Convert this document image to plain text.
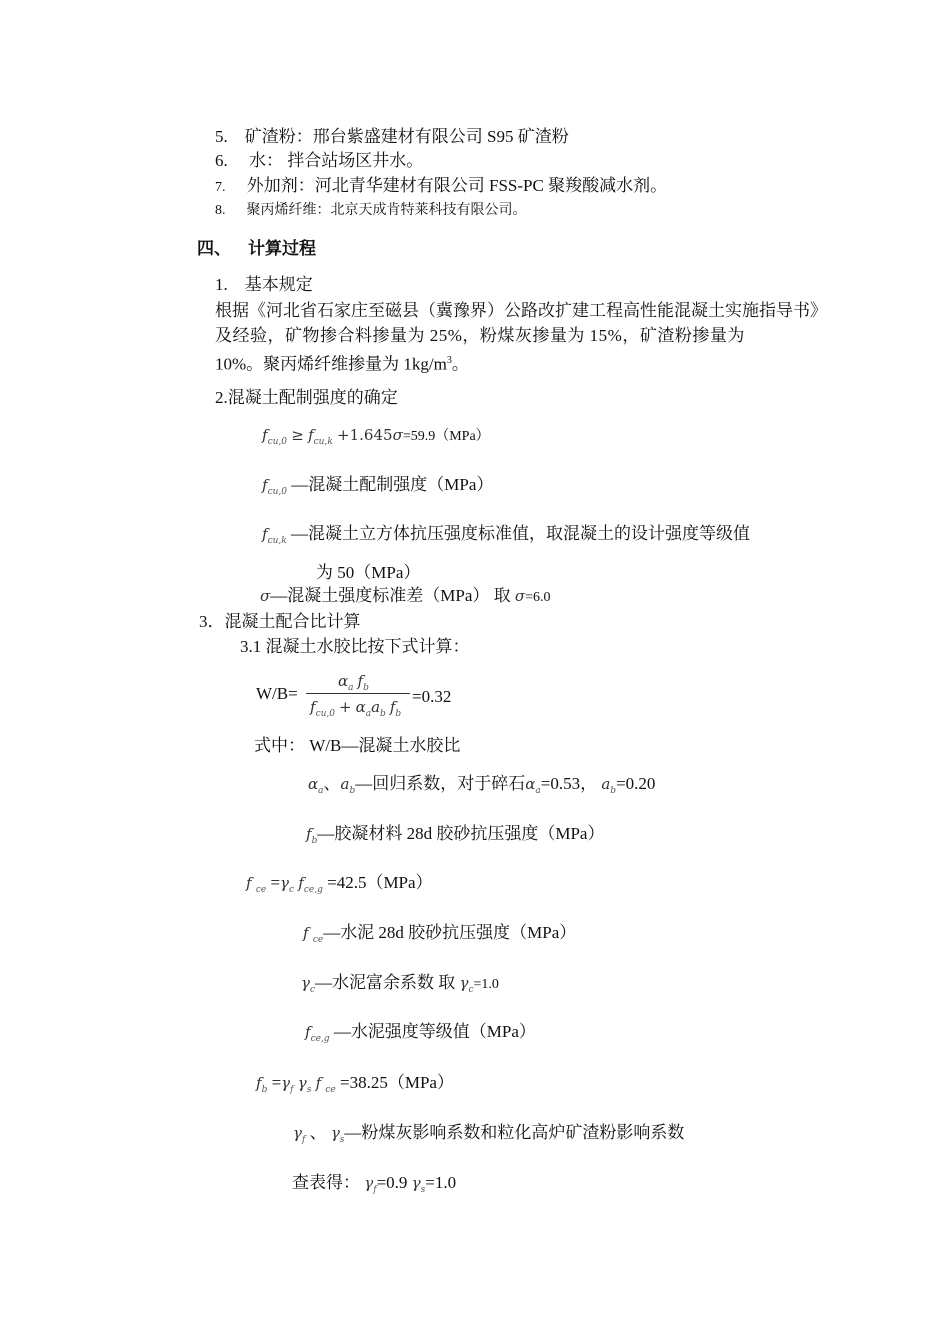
5. 矿渣粉：邢台紫盛建材有限公司 S95 矿渣粉
6.     水： 拌合站场区井水。
7. 外加剂：河北青华建材有限公司 FSS-PC 聚羧酸减水剂。
8. 聚丙烯纤维：北京天成肯特莱科技有限公司。
四、 计算过程
1. 基本规定
根据《河北省石家庄至磁县（冀豫界）公路改扩建工程高性能混凝土实施指导书》
及经验，矿物掺合料掺量为 25%，粉煤灰掺量为 15%，矿渣粉掺量为
10%。聚丙烯纤维掺量为 $1kg/m^3$。
2.混凝土配制强度的确定
$f_{cu,0} \ge f_{cu,k} +1.645\sigma=59.9(MPa)$
$f_{cu,0}$ —混凝土配制强度（MPa）
$f_{cu,k}$ —混凝土立方体抗压强度标准值，取混凝土的设计强度等级值
为 50（MPa）
σ—混凝土强度标准差（MPa） 取 σ=6.0
3．混凝土配合比计算
3.1 混凝土水胶比按下式计算：
W/B=
$\alpha_a$ $f_b$
$f_{cu,0} + \alpha_aa_b$ $f_b$
=0.32
式中： W/B—混凝土水胶比
$\alpha_a$、$a_b—$回归系数，对于碎石$\alpha_a=0.53$， $a_b=0.20$
$f_b—$胶凝材料 28d 胶砂抗压强度（MPa）
f $_{ce} =\gamma_c$ $f_{ce,g} =42.5(MPa)$
f $_{ce}$—水泥 28d 胶砂抗压强度（MPa）
$\gamma_c—$水泥富余系数 取 $\gamma_c=1.0$
$f_{ce,g}$ —水泥强度等级值（MPa）
$f_b =\gamma_f$ $\gamma_s$ f $_{ce}$ =38.25（MPa）
$\gamma_f$ 、 $\gamma_s—$粉煤灰影响系数和粒化高炉矿渣粉影响系数
查表得： $\gamma_f=0.9$ $\gamma_s=1.0$
